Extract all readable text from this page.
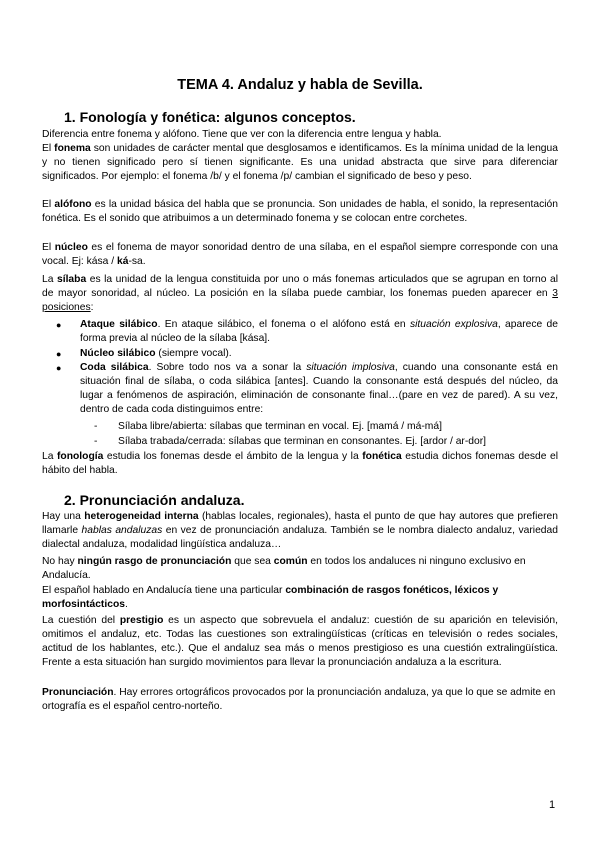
TEMA 4. Andaluz y habla de Sevilla.
1. Fonología y fonética: algunos conceptos.

Diferencia entre fonema y alófono. Tiene que ver con la diferencia entre lengua y habla.

El fonema son unidades de carácter mental que desglosamos e identificamos. Es la mínima unidad de la lengua y no tienen significado pero sí tienen significante. Es una unidad abstracta que sirve para diferenciar significados. Por ejemplo: el fonema /b/ y el fonema /p/ cambian el significado de beso y peso.

El alófono es la unidad básica del habla que se pronuncia. Son unidades de habla, el sonido, la representación fonética. Es el sonido que atribuimos a un determinado fonema y se colocan entre corchetes.

El núcleo es el fonema de mayor sonoridad dentro de una sílaba, en el español siempre corresponde con una vocal. Ej: kása / ká-sa.

La sílaba es la unidad de la lengua constituida por uno o más fonemas articulados que se agrupan en torno al de mayor sonoridad, al núcleo. La posición en la sílaba puede cambiar, los fonemas pueden aparecer en 3 posiciones:

● Ataque silábico. En ataque silábico, el fonema o el alófono está en situación explosiva, aparece de forma previa al núcleo de la sílaba [kása].
● Núcleo silábico (siempre vocal).
● Coda silábica. Sobre todo nos va a sonar la situación implosiva, cuando una consonante está en situación final de sílaba, o coda silábica [antes]. Cuando la consonante está después del núcleo, da lugar a fenómenos de aspiración, eliminación de consonante final…(pare en vez de pared). A su vez, dentro de cada coda distinguimos entre:
- Sílaba libre/abierta: sílabas que terminan en vocal. Ej. [mamá / má-má]
- Sílaba trabada/cerrada: sílabas que terminan en consonantes. Ej. [ardor / ar-dor]

La fonología estudia los fonemas desde el ámbito de la lengua y la fonética estudia dichos fonemas desde el hábito del habla.

2. Pronunciación andaluza.

Hay una heterogeneidad interna (hablas locales, regionales), hasta el punto de que hay autores que prefieren llamarle hablas andaluzas en vez de pronunciación andaluza. También se le nombra dialecto andaluz, variedad dialectal andaluza, modalidad lingüística andaluza…

No hay ningún rasgo de pronunciación que sea común en todos los andaluces ni ninguno exclusivo en Andalucía.

El español hablado en Andalucía tiene una particular combinación de rasgos fonéticos, léxicos y morfosintácticos.

La cuestión del prestigio es un aspecto que sobrevuela el andaluz: cuestión de su aparición en televisión, omitimos el andaluz, etc. Todas las cuestiones son extralingüísticas (críticas en televisión o redes sociales, actitud de los hablantes, etc.). Que el andaluz sea más o menos prestigioso es una cuestión extralingüística. Frente a esta situación han surgido movimientos para llevar la pronunciación andaluza a la escritura.

Pronunciación. Hay errores ortográficos provocados por la pronunciación andaluza, ya que lo que se admite en ortografía es el español centro-norteño.

1
